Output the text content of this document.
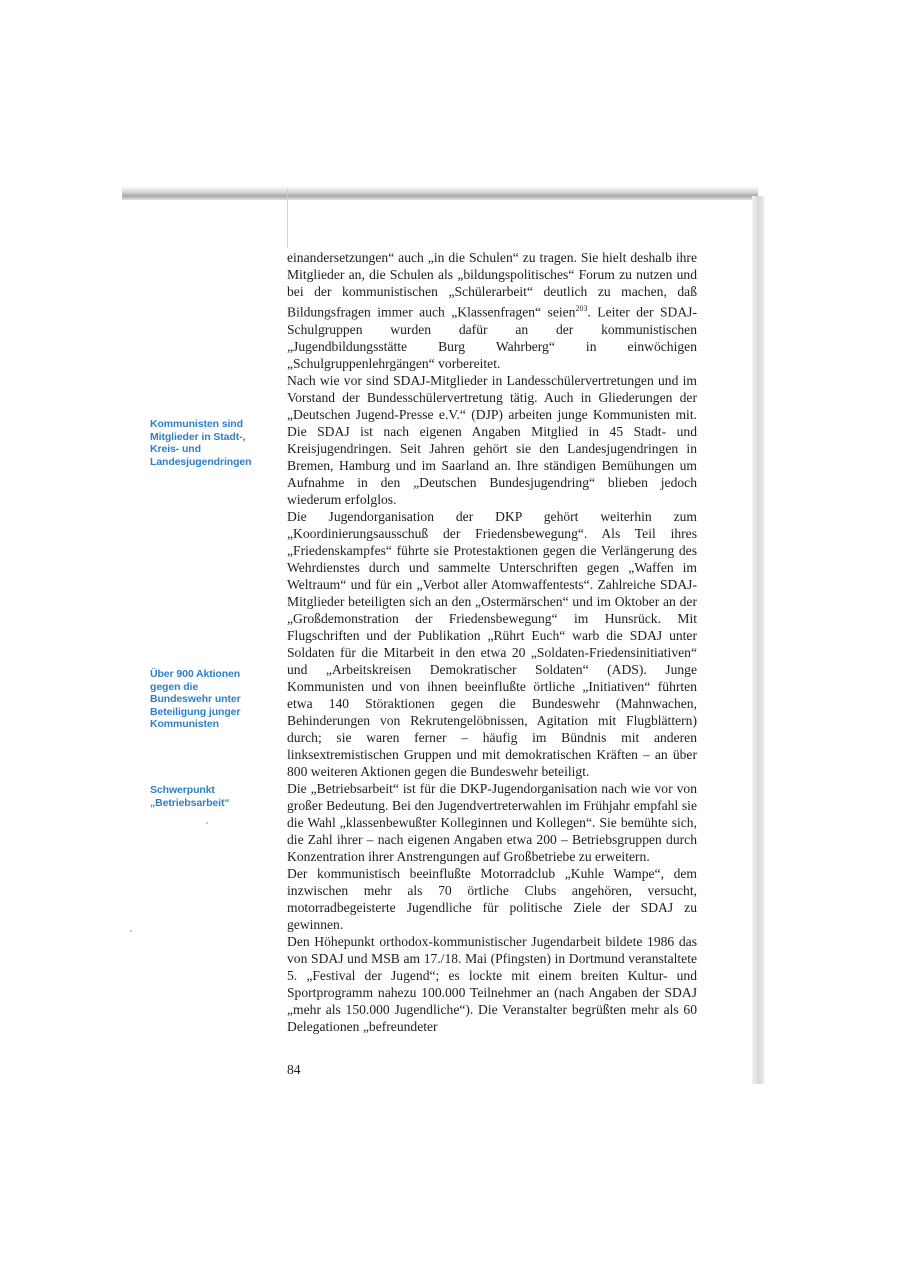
Kommunisten sind Mitglieder in Stadt-, Kreis- und Landesjugendringen
Über 900 Aktionen gegen die Bundeswehr unter Beteiligung junger Kommunisten
Schwerpunkt „Betriebsarbeit“

einandersetzungen“ auch „in die Schulen“ zu tragen. Sie hielt deshalb ihre Mitglieder an, die Schulen als „bildungspolitisches“ Forum zu nutzen und bei der kommunistischen „Schülerarbeit“ deutlich zu machen, daß Bildungsfragen immer auch „Klassenfragen“ seien$^{203}$. Leiter der SDAJ-Schulgruppen wurden dafür an der kommunistischen „Jugendbildungsstätte Burg Wahrberg“ in einwöchigen „Schulgruppenlehrgängen“ vorbereitet.

Nach wie vor sind SDAJ-Mitglieder in Landesschülervertretungen und im Vorstand der Bundesschülervertretung tätig. Auch in Gliederungen der „Deutschen Jugend-Presse e.V.“ (DJP) arbeiten junge Kommunisten mit. Die SDAJ ist nach eigenen Angaben Mitglied in 45 Stadt- und Kreisjugendringen. Seit Jahren gehört sie den Landesjugendringen in Bremen, Hamburg und im Saarland an. Ihre ständigen Bemühungen um Aufnahme in den „Deutschen Bundesjugendring“ blieben jedoch wiederum erfolglos.

Die Jugendorganisation der DKP gehört weiterhin zum „Koordinierungsausschuß der Friedensbewegung“. Als Teil ihres „Friedenskampfes“ führte sie Protestaktionen gegen die Verlängerung des Wehrdienstes durch und sammelte Unterschriften gegen „Waffen im Weltraum“ und für ein „Verbot aller Atomwaffentests“. Zahlreiche SDAJ-Mitglieder beteiligten sich an den „Ostermärschen“ und im Oktober an der „Großdemonstration der Friedensbewegung“ im Hunsrück. Mit Flugschriften und der Publikation „Rührt Euch“ warb die SDAJ unter Soldaten für die Mitarbeit in den etwa 20 „Soldaten-Friedensinitiativen“ und „Arbeitskreisen Demokratischer Soldaten“ (ADS). Junge Kommunisten und von ihnen beeinflußte örtliche „Initiativen“ führten etwa 140 Störaktionen gegen die Bundeswehr (Mahnwachen, Behinderungen von Rekrutengelöbnissen, Agitation mit Flugblättern) durch; sie waren ferner – häufig im Bündnis mit anderen linksextremistischen Gruppen und mit demokratischen Kräften – an über 800 weiteren Aktionen gegen die Bundeswehr beteiligt.

Die „Betriebsarbeit“ ist für die DKP-Jugendorganisation nach wie vor von großer Bedeutung. Bei den Jugendvertreterwahlen im Frühjahr empfahl sie die Wahl „klassenbewußter Kolleginnen und Kollegen“. Sie bemühte sich, die Zahl ihrer – nach eigenen Angaben etwa 200 – Betriebsgruppen durch Konzentration ihrer Anstrengungen auf Großbetriebe zu erweitern.

Der kommunistisch beeinflußte Motorradclub „Kuhle Wampe“, dem inzwischen mehr als 70 örtliche Clubs angehören, versucht, motorradbegeisterte Jugendliche für politische Ziele der SDAJ zu gewinnen.

Den Höhepunkt orthodox-kommunistischer Jugendarbeit bildete 1986 das von SDAJ und MSB am 17./18. Mai (Pfingsten) in Dortmund veranstaltete 5. „Festival der Jugend“; es lockte mit einem breiten Kultur- und Sportprogramm nahezu 100.000 Teilnehmer an (nach Angaben der SDAJ „mehr als 150.000 Jugendliche“). Die Veranstalter begrüßten mehr als 60 Delegationen „befreundeter

84
